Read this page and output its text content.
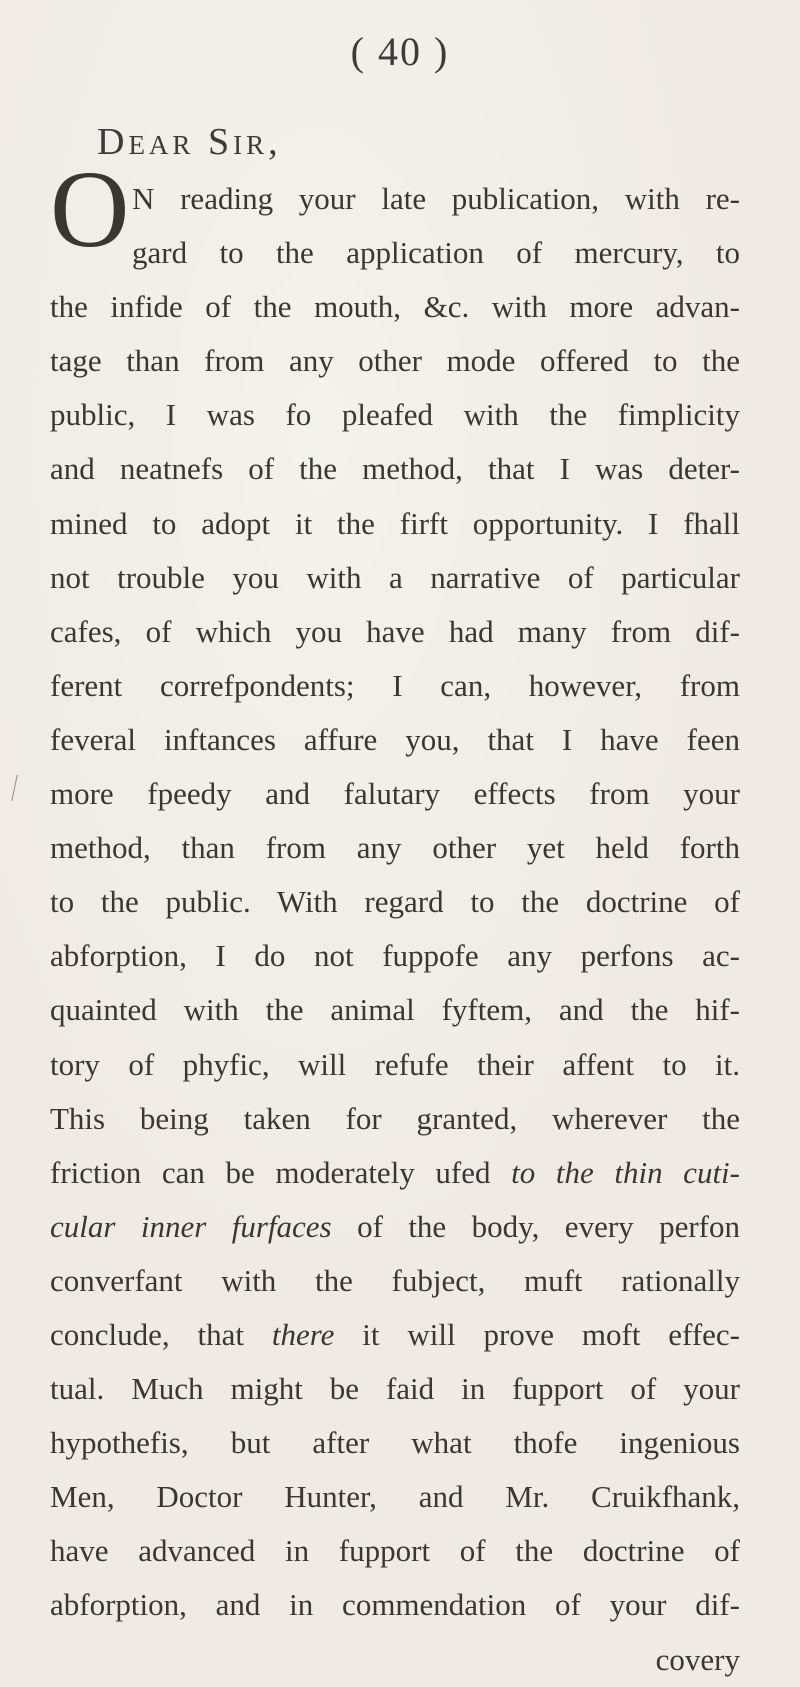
( 40 )
Dear Sir,
O N reading your late publication, with re-
gard to the application of mercury, to
the infide of the mouth, &c. with more advan-
tage than from any other mode offered to the
public, I was fo pleafed with the fimplicity
and neatnefs of the method, that I was deter-
mined to adopt it the firft opportunity. I fhall
not trouble you with a narrative of particular
cafes, of which you have had many from dif-
ferent correfpondents; I can, however, from
feveral inftances affure you, that I have feen
more fpeedy and falutary effects from your
method, than from any other yet held forth
to the public. With regard to the doctrine of
abforption, I do not fuppofe any perfons ac-
quainted with the animal fyftem, and the hif-
tory of phyfic, will refufe their affent to it.
This being taken for granted, wherever the
friction can be moderately ufed to the thin cuti-
cular inner furfaces of the body, every perfon
converfant with the fubject, muft rationally
conclude, that there it will prove moft effec-
tual. Much might be faid in fupport of your
hypothefis, but after what thofe ingenious
Men, Doctor Hunter, and Mr. Cruikfhank,
have advanced in fupport of the doctrine of
abforption, and in commendation of your dif-
covery
